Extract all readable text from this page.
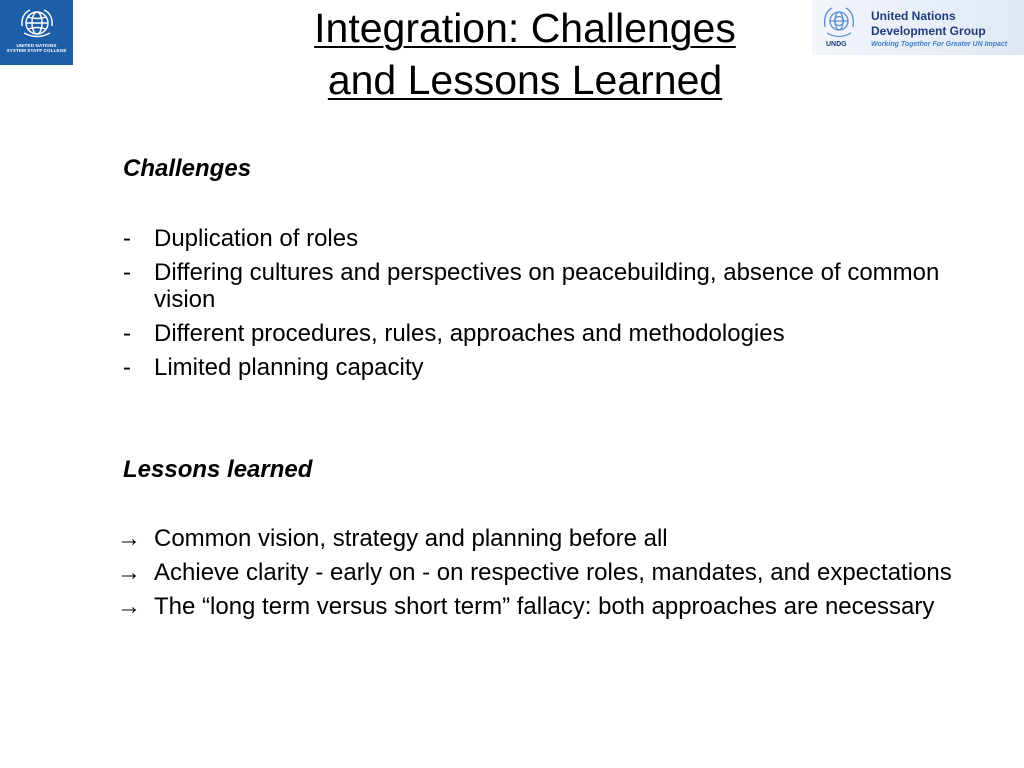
UNITED NATIONS
SYSTEM STAFF COLLEGE
UNDG
United Nations
Development Group
Working Together For Greater UN Impact
Integration: Challenges
and Lessons Learned
Challenges
- Duplication of roles
- Differing cultures and perspectives on peacebuilding, absence of common vision
- Different procedures, rules, approaches and methodologies
- Limited planning capacity
Lessons learned
→ Common vision, strategy and planning before all
→ Achieve clarity - early on - on respective roles, mandates, and expectations
→ The “long term versus short term” fallacy: both approaches are necessary
